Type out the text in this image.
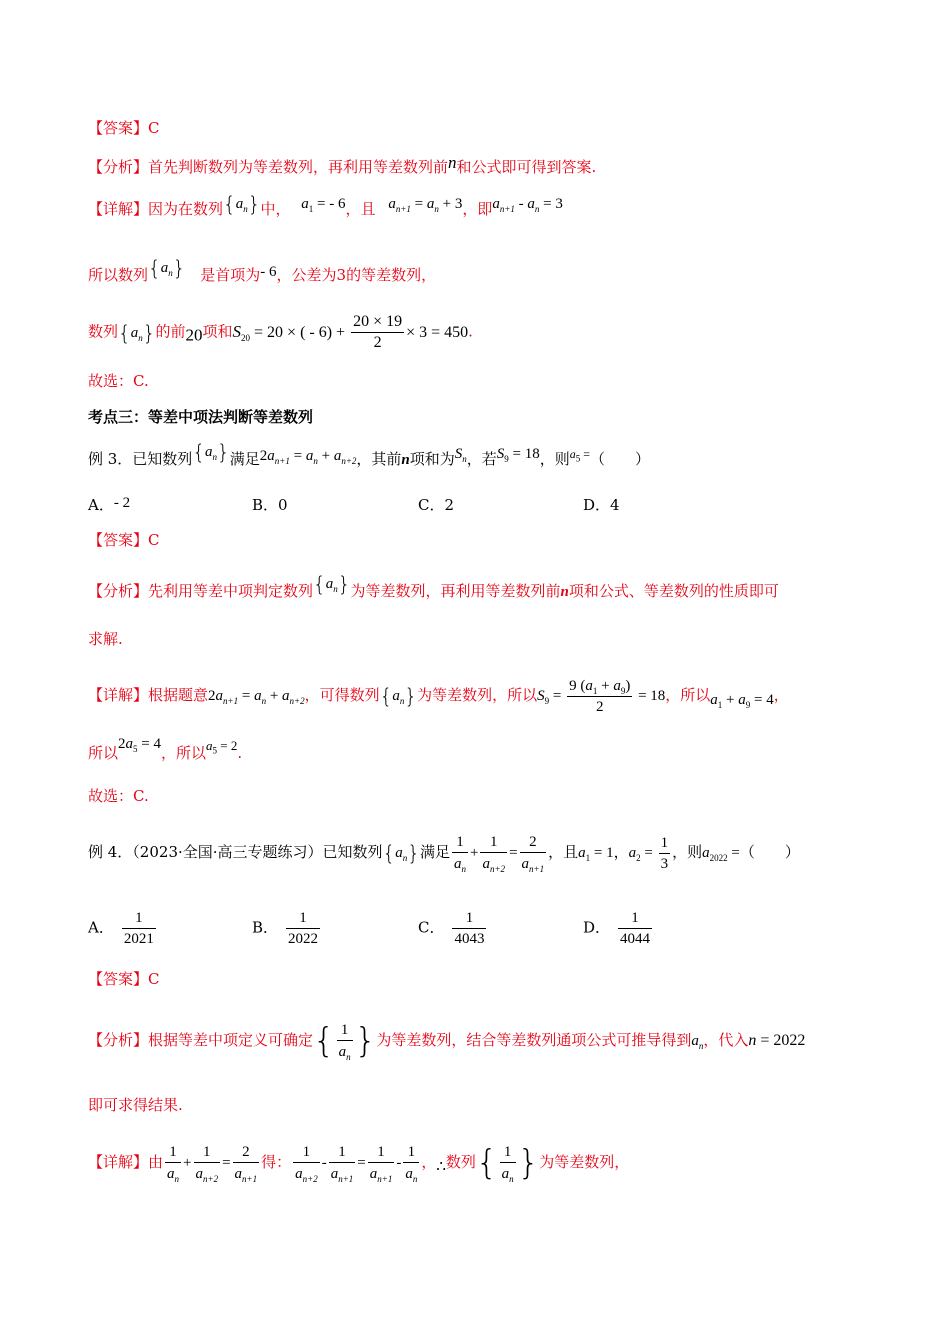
【答案】C
【分析】首先判断数列为等差数列，再利用等差数列前n和公式即可得到答案.
【详解】因为在数列$\{a_n\}$中， $a_1$ = - 6，且 $a_{n+1} = a_n + 3$，即$a_{n+1} - a_n = 3$
所以数列$\{a_n\}$ 是首项为- 6，公差为3的等差数列，
数列$\{a_n\}$的前20项和$S_{20} = 20$ × ( - $6) + \frac{20 \times 19}{2} \times 3 = 450$.
故选：C.
考点三：等差中项法判断等差数列
例 3．已知数列$\{a_n\}$满足$2a_{n+1} = a_n + a_{n+2}$，其前n项和为$S_n$，若$S_9 = 18$，则$^{a_5 =}$（　　）
A．- 2	B．0	C．2	D．4
【答案】C
【分析】先利用等差中项判定数列$\{a_n\}$为等差数列，再利用等差数列前n项和公式、等差数列的性质即可
求解.
【详解】根据题意$2a_{n+1} = a_n + a_{n+2}$，可得数列$\{a_n\}$为等差数列，所以$S_9 = \frac{9 (a_1 + a_9)}{2} = 18$，所以$a_1 + a_9 = 4$，
所以$2a_5 = 4$，所以$a_5 = 2$.
故选：C.
例 4．（2023·全国·高三专题练习）已知数列$\{a_n\}$满足 $\frac{1}{a_n} + \frac{1}{a_{n+2}} = \frac{2}{a_{n+1}}$ ，且$a_1 = 1$，$a_2 = \frac{1}{3}$ ，则$a_{2022}$ =（　　）
A． $\frac{1}{2021}$	B． $\frac{1}{2022}$	C． $\frac{1}{4043}$	D． $\frac{1}{4044}$
【答案】C
【分析】根据等差中项定义可确定{ $\frac{1}{a_n}$ }为等差数列，结合等差数列通项公式可推导得到$a_n$，代入n = 2022
即可求得结果.
【详解】由 $\frac{1}{a_n} + \frac{1}{a_{n+2}} = \frac{2}{a_{n+1}}$ 得： $\frac{1}{a_{n+2}} - \frac{1}{a_{n+1}} = \frac{1}{a_{n+1}} - \frac{1}{a_n}$ ，∴数列{ $\frac{1}{a_n}$ }为等差数列，
